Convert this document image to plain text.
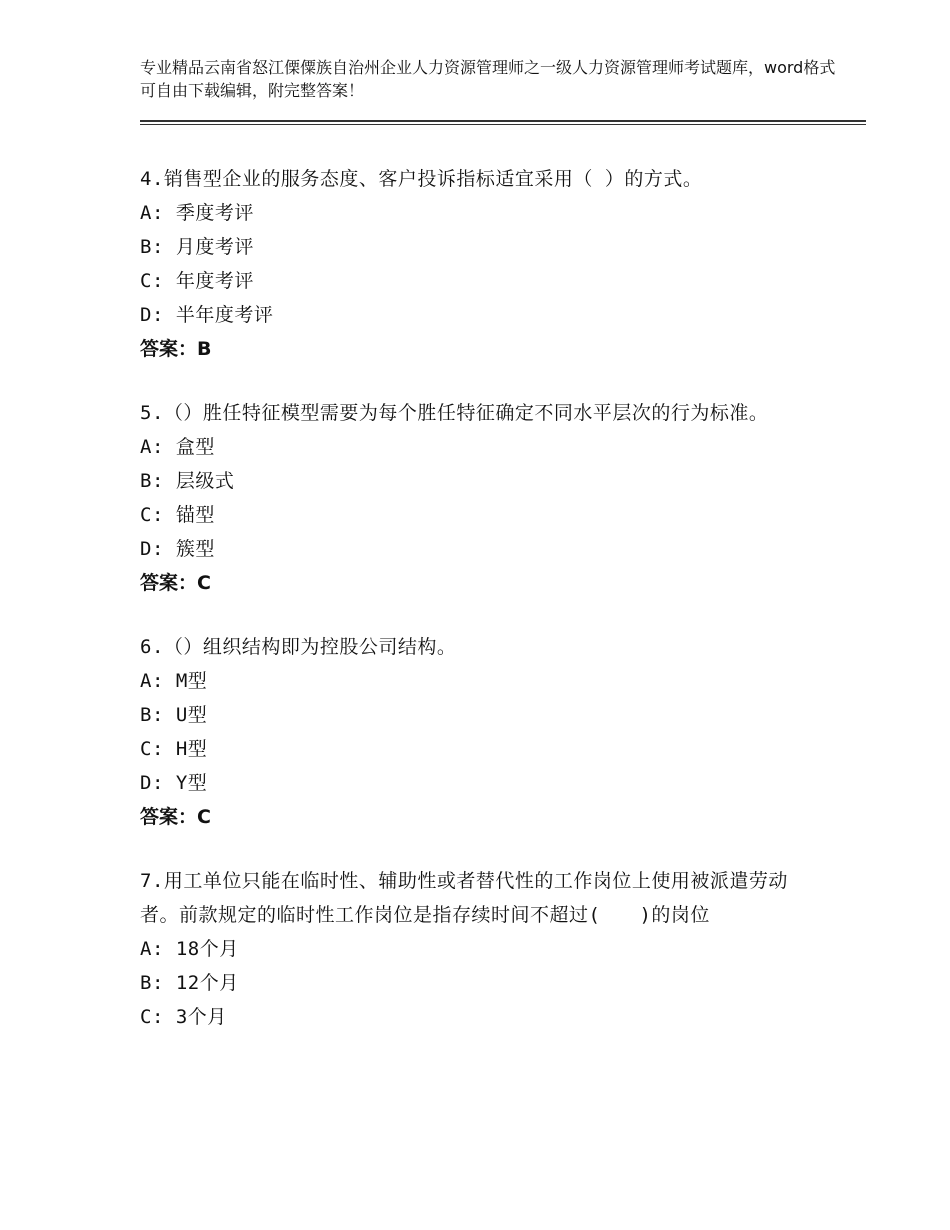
专业精品云南省怒江傈僳族自治州企业人力资源管理师之一级人力资源管理师考试题库，word格式可自由下载编辑，附完整答案！

4.销售型企业的服务态度、客户投诉指标适宜采用（ ）的方式。

A: 季度考评

B: 月度考评

C: 年度考评

D: 半年度考评

答案：B

5.（）胜任特征模型需要为每个胜任特征确定不同水平层次的行为标准。

A: 盒型

B: 层级式

C: 锚型

D: 簇型

答案：C

6.（）组织结构即为控股公司结构。

A: M型

B: U型

C: H型

D: Y型

答案：C

7.用工单位只能在临时性、辅助性或者替代性的工作岗位上使用被派遣劳动者。前款规定的临时性工作岗位是指存续时间不超过(　　)的岗位

A: 18个月

B: 12个月

C: 3个月
